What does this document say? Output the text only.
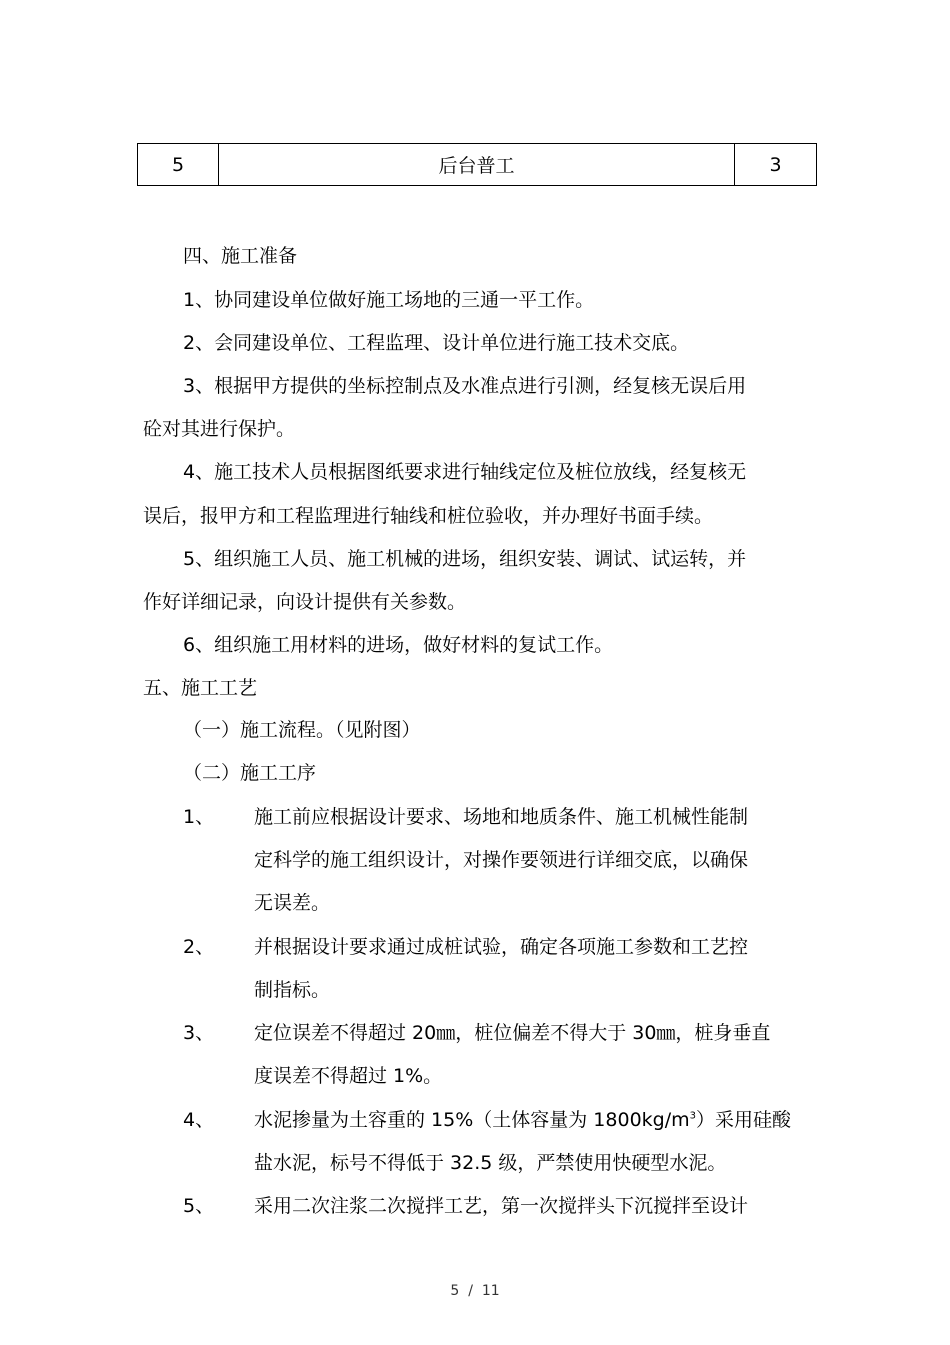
5	后台普工	3
四、施工准备
1、协同建设单位做好施工场地的三通一平工作。
2、会同建设单位、工程监理、设计单位进行施工技术交底。
3、根据甲方提供的坐标控制点及水准点进行引测，经复核无误后用
砼对其进行保护。
4、施工技术人员根据图纸要求进行轴线定位及桩位放线，经复核无
误后，报甲方和工程监理进行轴线和桩位验收，并办理好书面手续。
5、组织施工人员、施工机械的进场，组织安装、调试、试运转，并
作好详细记录，向设计提供有关参数。
6、组织施工用材料的进场，做好材料的复试工作。
五、施工工艺
（一）施工流程。（见附图）
（二）施工工序
1、 施工前应根据设计要求、场地和地质条件、施工机械性能制
定科学的施工组织设计，对操作要领进行详细交底，以确保
无误差。
2、 并根据设计要求通过成桩试验，确定各项施工参数和工艺控
制指标。
3、 定位误差不得超过 20㎜，桩位偏差不得大于 30㎜，桩身垂直
度误差不得超过 1%。
4、 水泥掺量为土容重的 15%（土体容量为 $1800kg/m^3$）采用硅酸
盐水泥，标号不得低于 32.5 级，严禁使用快硬型水泥。
5、 采用二次注浆二次搅拌工艺，第一次搅拌头下沉搅拌至设计
5 / 11
